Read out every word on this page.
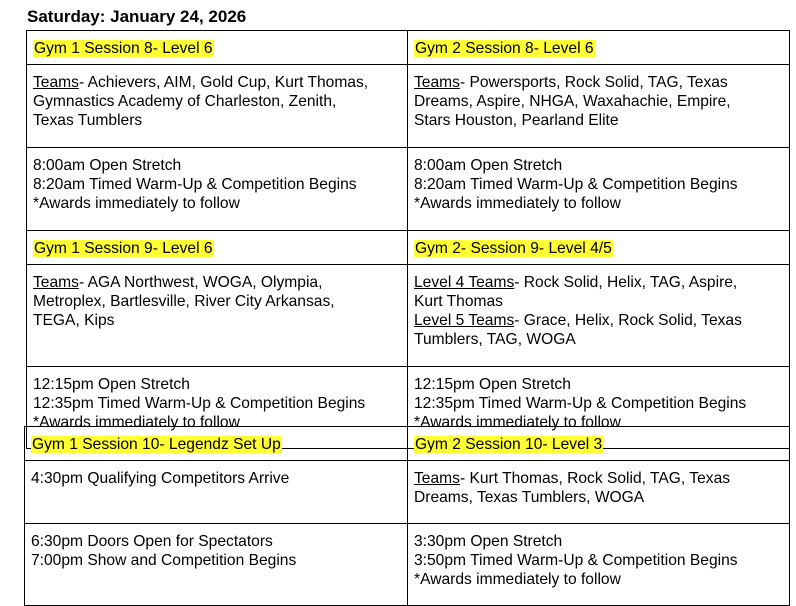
Saturday: January 24, 2026
Gym 1 Session 8- Level 6	Gym 2 Session 8- Level 6

Teams- Achievers, AIM, Gold Cup, Kurt Thomas,
Gymnastics Academy of Charleston, Zenith,
Texas Tumblers	Teams- Powersports, Rock Solid, TAG, Texas
Dreams, Aspire, NHGA, Waxahachie, Empire,
Stars Houston, Pearland Elite

8:00am Open Stretch
8:20am Timed Warm-Up & Competition Begins
*Awards immediately to follow	8:00am Open Stretch
8:20am Timed Warm-Up & Competition Begins
*Awards immediately to follow

Gym 1 Session 9- Level 6	Gym 2- Session 9- Level 4/5

Teams- AGA Northwest, WOGA, Olympia,
Metroplex, Bartlesville, River City Arkansas,
TEGA, Kips	Level 4 Teams- Rock Solid, Helix, TAG, Aspire,
Kurt Thomas
Level 5 Teams- Grace, Helix, Rock Solid, Texas
Tumblers, TAG, WOGA

12:15pm Open Stretch
12:35pm Timed Warm-Up & Competition Begins
*Awards immediately to follow	12:15pm Open Stretch
12:35pm Timed Warm-Up & Competition Begins
*Awards immediately to follow
Gym 1 Session 10- Legendz Set Up	Gym 2 Session 10- Level 3

4:30pm Qualifying Competitors Arrive	Teams- Kurt Thomas, Rock Solid, TAG, Texas
Dreams, Texas Tumblers, WOGA

6:30pm Doors Open for Spectators
7:00pm Show and Competition Begins	3:30pm Open Stretch
3:50pm Timed Warm-Up & Competition Begins
*Awards immediately to follow
